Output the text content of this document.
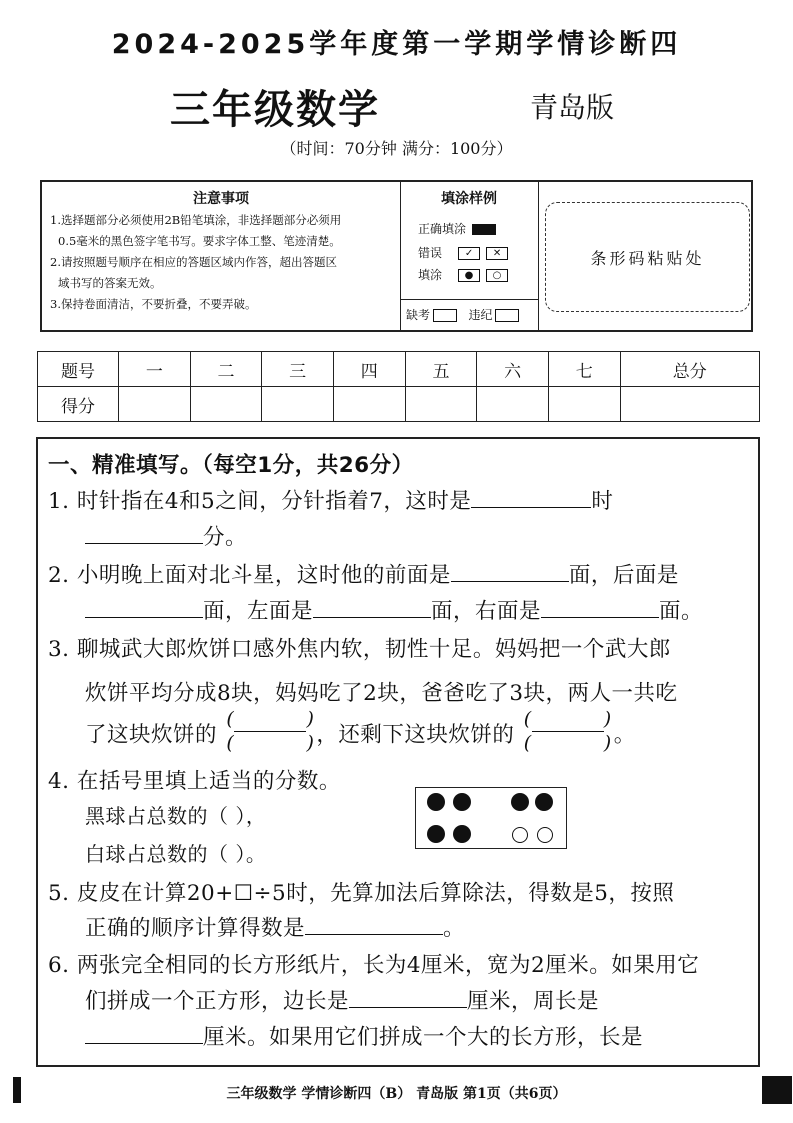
2024-2025学年度第一学期学情诊断四
三年级数学	青岛版
（时间：70分钟 满分：100分）
注意事项
1.选择题部分必须使用2B铅笔填涂，非选择题部分必须用
0.5毫米的黑色签字笔书写。要求字体工整、笔迹清楚。
2.请按照题号顺序在相应的答题区域内作答，超出答题区
域书写的答案无效。
3.保持卷面清洁，不要折叠，不要弄破。
填涂样例
正确填涂
错误 ✓ ✕
填涂 ● ○
缺考	违纪
条形码粘贴处
题号	一	二	三	四	五	六	七	总分
得分								
一、精准填写。（每空1分，共26分）
1. 时针指在4和5之间，分针指着7，这时是	时
分。
2. 小明晚上面对北斗星，这时他的前面是	面，后面是
面，左面是	面，右面是	面。
3. 聊城武大郎炊饼口感外焦内软，韧性十足。妈妈把一个武大郎
炊饼平均分成8块，妈妈吃了2块，爸爸吃了3块，两人一共吃
了这块炊饼的 (	)
(	) ，还剩下这块炊饼的 (	)
(	) 。
4. 在括号里填上适当的分数。
黑球占总数的（ ），
白球占总数的（ ）。
5. 皮皮在计算20+☐÷5时，先算加法后算除法，得数是5，按照
正确的顺序计算得数是	。
6. 两张完全相同的长方形纸片，长为4厘米，宽为2厘米。如果用它
们拼成一个正方形，边长是	厘米，周长是
厘米。如果用它们拼成一个大的长方形，长是
三年级数学 学情诊断四（B） 青岛版 第1页（共6页）
